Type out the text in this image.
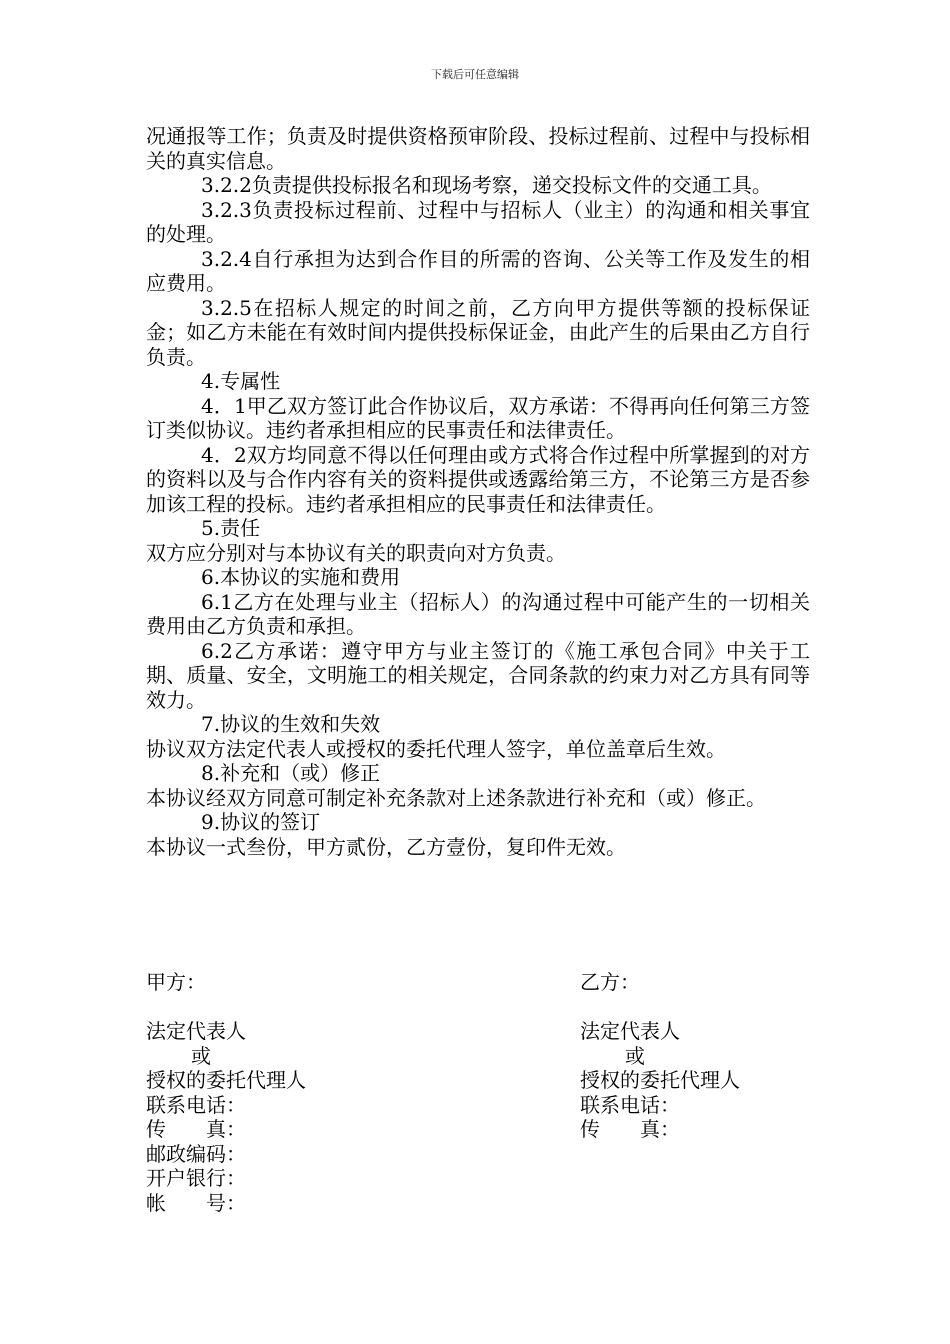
下载后可任意编辑

况通报等工作；负责及时提供资格预审阶段、投标过程前、过程中与投标相关的真实信息。

3.2.2负责提供投标报名和现场考察，递交投标文件的交通工具。

3.2.3负责投标过程前、过程中与招标人（业主）的沟通和相关事宜的处理。

3.2.4自行承担为达到合作目的所需的咨询、公关等工作及发生的相应费用。

3.2.5在招标人规定的时间之前，乙方向甲方提供等额的投标保证金；如乙方未能在有效时间内提供投标保证金，由此产生的后果由乙方自行负责。

4.专属性

4．1甲乙双方签订此合作协议后，双方承诺：不得再向任何第三方签订类似协议。违约者承担相应的民事责任和法律责任。

4．2双方均同意不得以任何理由或方式将合作过程中所掌握到的对方的资料以及与合作内容有关的资料提供或透露给第三方，不论第三方是否参加该工程的投标。违约者承担相应的民事责任和法律责任。

5.责任

双方应分别对与本协议有关的职责向对方负责。

6.本协议的实施和费用

6.1乙方在处理与业主（招标人）的沟通过程中可能产生的一切相关费用由乙方负责和承担。

6.2乙方承诺：遵守甲方与业主签订的《施工承包合同》中关于工期、质量、安全，文明施工的相关规定，合同条款的约束力对乙方具有同等效力。

7.协议的生效和失效

协议双方法定代表人或授权的委托代理人签字，单位盖章后生效。

8.补充和（或）修正

本协议经双方同意可制定补充条款对上述条款进行补充和（或）修正。

9.协议的签订

本协议一式叁份，甲方贰份，乙方壹份，复印件无效。

甲方：
法定代表人
或
授权的委托代理人
联系电话：
传　　真：
邮政编码：
开户银行：
帐　　号：
乙方：
法定代表人
或
授权的委托代理人
联系电话：
传　　真：
